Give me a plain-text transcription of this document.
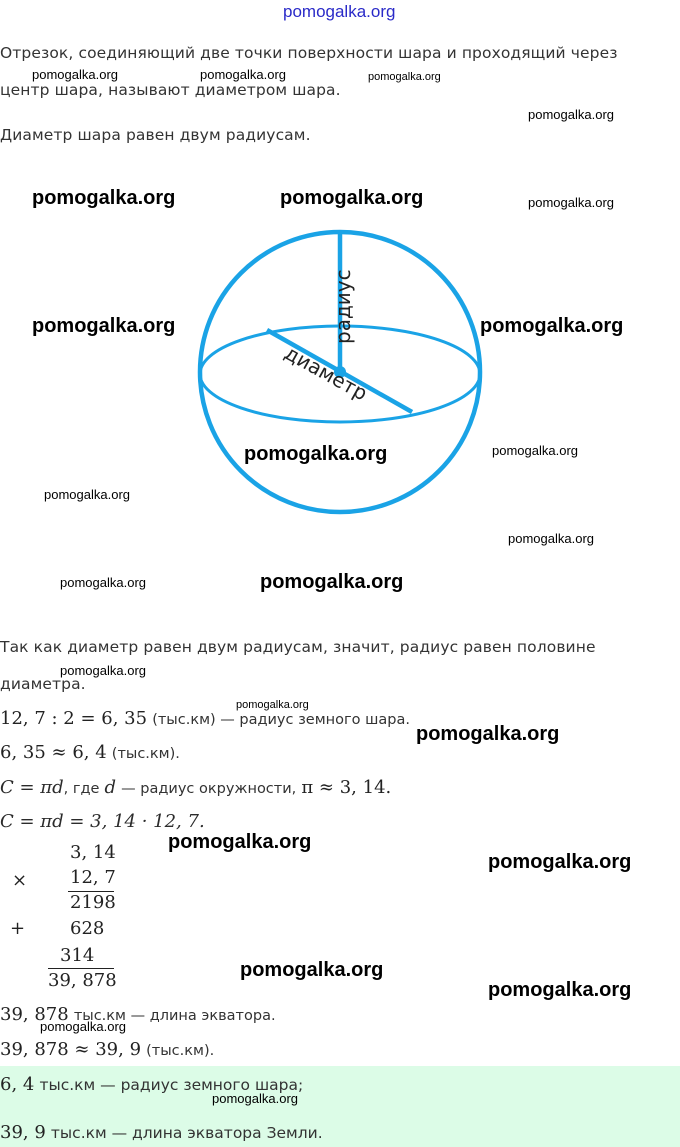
pomogalka.org
Отрезок, соединяющий две точки поверхности шара и проходящий через
центр шара, называют диаметром шара.
Диаметр шара равен двум радиусам.
радиус
диаметр
Так как диаметр равен двум радиусам, значит, радиус равен половине
диаметра.
12, 7 : 2 = 6, 35 (тыс.км) — радиус земного шара.
6, 35 ≈ 6, 4 (тыс.км).
C = πd, где d — радиус окружности, π ≈ 3, 14.
C = πd = 3, 14 · 12, 7.
3, 14
× 12, 7
2198
+ 628
314
39, 878
39, 878 тыс.км — длина экватора.
39, 878 ≈ 39, 9 (тыс.км).
6, 4 тыс.км — радиус земного шара;
39, 9 тыс.км — длина экватора Земли.
pomogalka.org	pomogalka.org	pomogalka.org
pomogalka.org
pomogalka.org	pomogalka.org	pomogalka.org
pomogalka.org	pomogalka.org
pomogalka.org	pomogalka.org
pomogalka.org
pomogalka.org
pomogalka.org	pomogalka.org
pomogalka.org
pomogalka.org
pomogalka.org
pomogalka.org
pomogalka.org
pomogalka.org
pomogalka.org
pomogalka.org
pomogalka.org
